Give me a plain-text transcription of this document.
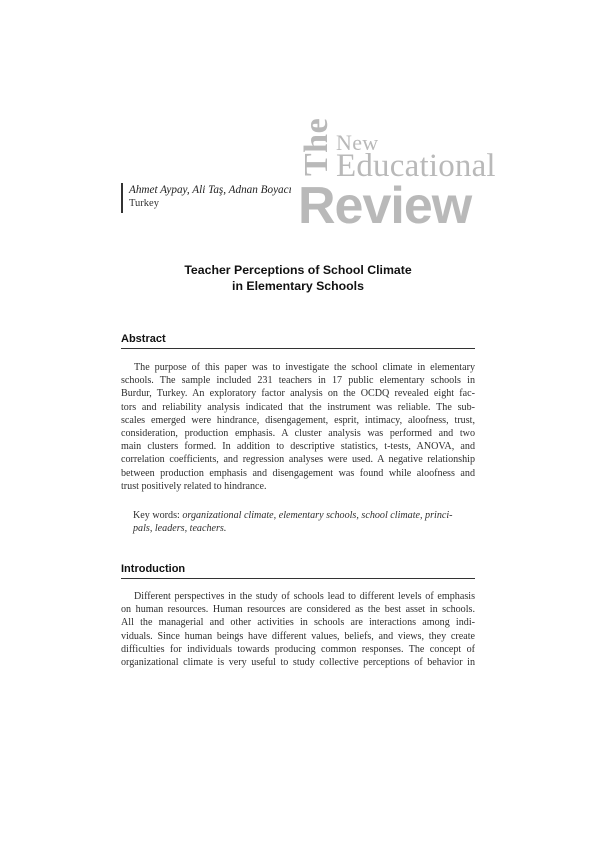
The New
Educational
Review
Ahmet Aypay, Ali Taş, Adnan Boyacı
Turkey
Teacher Perceptions of School Climate
in Elementary Schools
Abstract
The purpose of this paper was to investigate the school climate in elementary
schools. The sample included 231 teachers in 17 public elementary schools in
Burdur, Turkey. An exploratory factor analysis on the OCDQ revealed eight fac-
tors and reliability analysis indicated that the instrument was reliable. The sub-
scales emerged were hindrance, disengagement, esprit, intimacy, aloofness, trust,
consideration, production emphasis. A cluster analysis was performed and two
main clusters formed. In addition to descriptive statistics, t-tests, ANOVA, and
correlation coefficients, and regression analyses were used. A negative relationship
between production emphasis and disengagement was found while aloofness and
trust positively related to hindrance.
Key words: organizational climate, elementary schools, school climate, princi-
pals, leaders, teachers.
Introduction
Different perspectives in the study of schools lead to different levels of emphasis
on human resources. Human resources are considered as the best asset in schools.
All the managerial and other activities in schools are interactions among indi-
viduals. Since human beings have different values, beliefs, and views, they create
difficulties for individuals towards producing common responses. The concept of
organizational climate is very useful to study collective perceptions of behavior in
